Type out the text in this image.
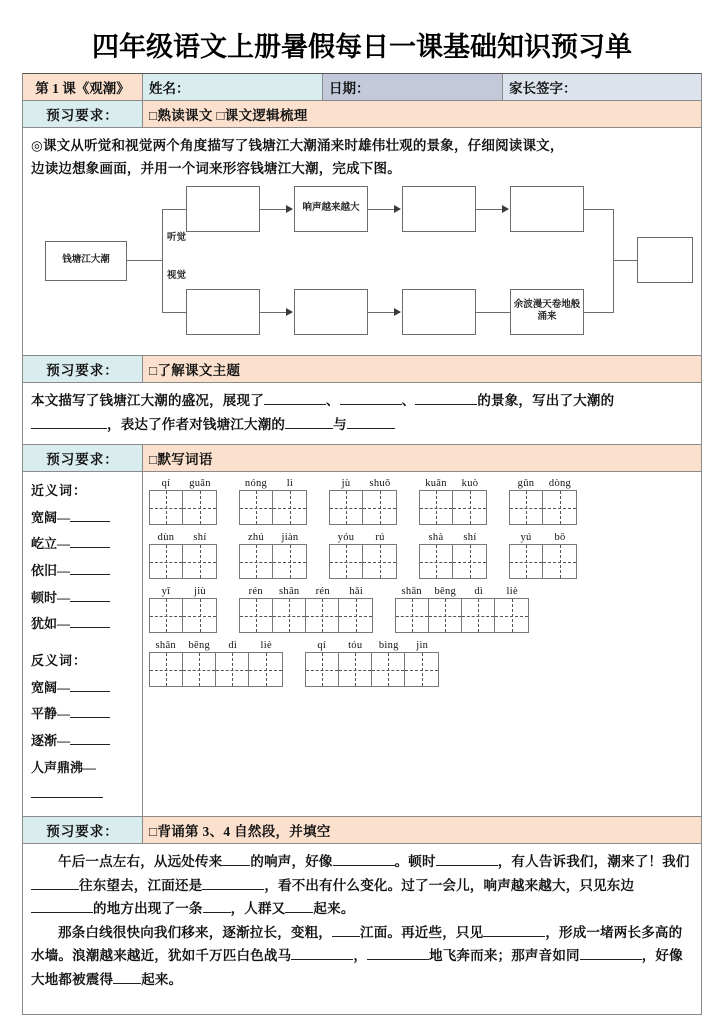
四年级语文上册暑假每日一课基础知识预习单
第 1 课《观潮》	姓名：	日期：	家长签字：
预习要求：	□熟读课文 □课文逻辑梳理
◎课文从听觉和视觉两个角度描写了钱塘江大潮涌来时雄伟壮观的景象，仔细阅读课文，
边读边想象画面，并用一个词来形容钱塘江大潮，完成下图。
钱塘江大潮
听觉
视觉
响声越来越大
余波漫天卷地般涌来
预习要求：	□了解课文主题
本文描写了钱塘江大潮的盛况，展现了	、	、	的景象，写出了大潮的
，表达了作者对钱塘江大潮的	与
预习要求：	□默写词语
近义词：
宽阔—
屹立—
依旧—
顿时—
犹如—
反义词：
宽阔—
平静—
逐渐—
人声鼎沸—
qí	guān	nóng	lì	jù	shuō	kuān	kuò	gǔn	dòng
dùn	shí	zhú	jiàn	yóu	rú	shà	shí	yú	bō
yī	jiù	rén	shān	rén	hǎi	shān	bēng	dì	liè
shān	bēng	dì	liè	qí	tóu	bìng	jìn
预习要求：	□背诵第 3、4 自然段，并填空
午后一点左右，从远处传来 的响声，好像	。顿时	，有人告诉我们，潮来了！我们往东望去，江面还是	，看不出有什么变化。过了一会儿，响声越来越大，只见东边的地方出现了一条 ，人群又 起来。
那条白线很快向我们移来，逐渐拉长，变粗， 江面。再近些，只见	，形成一堵两长多高的水墙。浪潮越来越近，犹如千万匹白色战马	，	地飞奔而来；那声音如同	，好像大地都被震得 起来。
